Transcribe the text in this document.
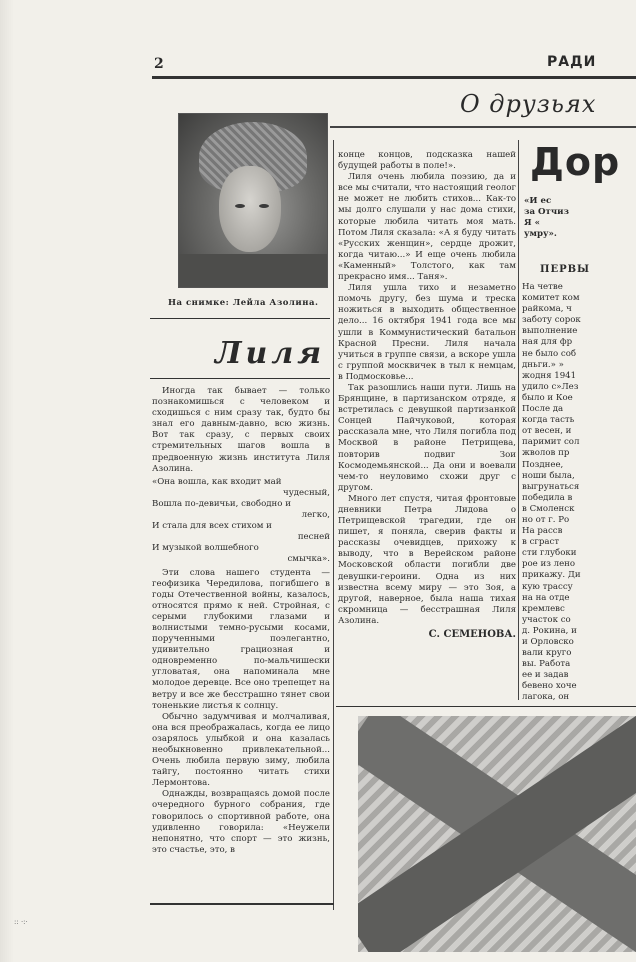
2	РАДИ
О друзьях
На снимке: Лейла Азолина.
Лиля

Иногда так бывает — только познакомишься с человеком и сходишься с ним сразу так, будто бы знал его давным-давно, всю жизнь. Вот так сразу, с первых своих стремительных шагов вошла в предвоенную жизнь института Лиля Азолина.

«Она вошла, как входит май
чудесный,
Вошла по-девичьи, свободно и
легко,
И стала для всех стихом и
песней
И музыкой волшебного
смычка».

Эти слова нашего студента — геофизика Чередилова, погибшего в годы Отечественной войны, казалось, относятся прямо к ней. Стройная, с серыми глубокими глазами и волнистыми темно-русыми косами, порученными поэлегантно, удивительно грациозная и одновременно по-мальчишески угловатая, она напоминала мне молодое деревце. Все оно трепещет на ветру и все же бесстрашно тянет свои тоненькие листья к солнцу.

Обычно задумчивая и молчаливая, она вся преображалась, когда ее лицо озарялось улыбкой и она казалась необыкновенно привлекательной... Очень любила первую зиму, любила тайгу, постоянно читать стихи Лермонтова.

Однажды, возвращаясь домой после очередного бурного собрания, где говорилось о спортивной работе, она удивленно говорила: «Неужели непонятно, что спорт — это жизнь, это счастье, это, в

конце концов, подсказка нашей будущей работы в поле!».

Лиля очень любила поэзию, да и все мы считали, что настоящий геолог не может не любить стихов... Как-то мы долго слушали у нас дома стихи, которые любила читать моя мать. Потом Лиля сказала: «А я буду читать «Русских женщин», сердце дрожит, когда читаю...» И еще очень любила «Каменный» Толстого, как там прекрасно имя... Таня».

Лиля ушла тихо и незаметно помочь другу, без шума и треска ножиться в выходить общественное дело... 16 октября 1941 года все мы ушли в Коммунистический батальон Красной Пресни. Лиля начала учиться в группе связи, а вскоре ушла с группой москвичек в тыл к немцам, в Подмосковье...

Так разошлись наши пути. Лишь на Брянщине, в партизанском отряде, я встретилась с девушкой партизанкой Сонцей Пайчуковой, которая рассказала мне, что Лиля погибла под Москвой в районе Петрищева, повторив подвиг Зои Космодемьянской... Да они и воевали чем-то неуловимо схожи друг с другом.

Много лет спустя, читая фронтовые дневники Петра Лидова о Петрищевской трагедии, где он пишет, я поняла, сверив факты и рассказы очевидцев, прихожу к выводу, что в Верейском районе Московской области погибли две девушки-героини. Одна из них известна всему миру — это Зоя, а другой, наверное, была наша тихая скромница — бесстрашная Лиля Азолина.

С. СЕМЕНОВА.
Дор
«И ес
за Отчиз
Я «
умру».
ПЕРВЫ
На четве
комитет ком
райкома, ч
заботу сорок
выполнение
ная для фр
не было соб
дньги.» »
жодня 1941
удило с»Лез
было и Кое
После да
когда тасть
от весен, и
паримит сол
жволов пр
Позднее,
ноши была,
выгрунаться
победила в
в Смоленск
но от г. Ро
На рассв
в сграст
сти глубоки
рое из лено
прикажу. Ди
кую трассу
на на отде
кремлевс
участок со
д. Рокина, и
и Орловско
вали круго
вы. Работа
ее и задав
бевено хоче
лагока, он
:: ·:·
